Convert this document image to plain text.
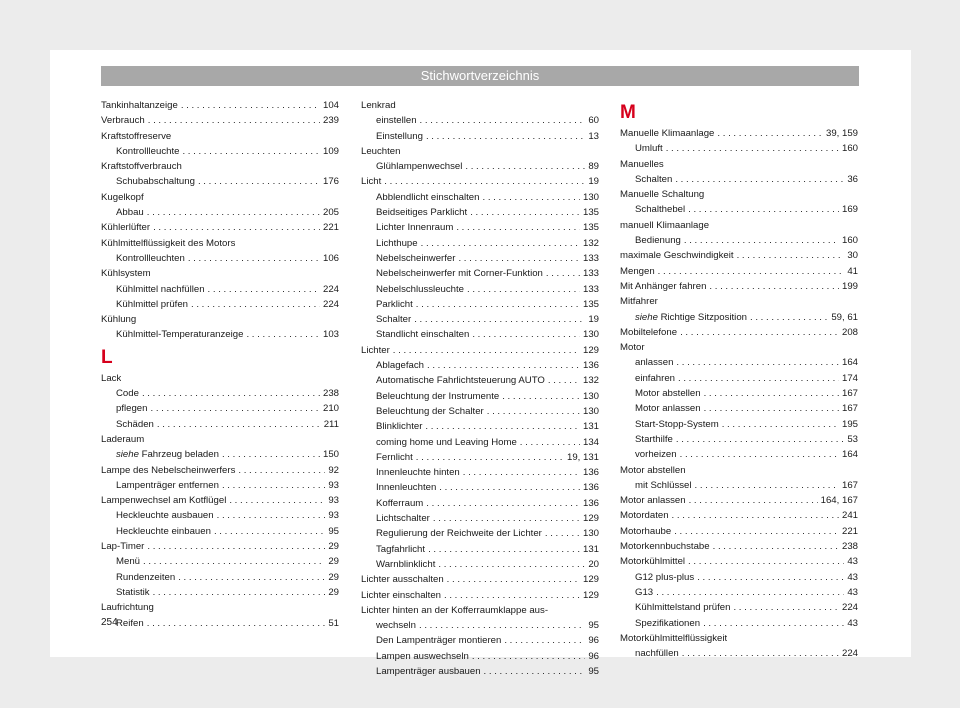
Stichwortverzeichnis
Tankinhaltanzeige . . .	104
Verbrauch . . .	239
Kraftstoffreserve
Kontrollleuchte . . .	109
Kraftstoffverbrauch
Schubabschaltung . . .	176
Kugelkopf
Abbau . . .	205
Kühlerlüfter . . .	221
Kühlmittelflüssigkeit des Motors
Kontrollleuchten . . .	106
Kühlsystem
Kühlmittel nachfüllen . . .	224
Kühlmittel prüfen . . .	224
Kühlung
Kühlmittel-Temperaturanzeige . . .	103
L
Lack
Code . . .	238
pflegen . . .	210
Schäden . . .	211
Laderaum
siehe Fahrzeug beladen . . .	150
Lampe des Nebelscheinwerfers . . .	92
Lampenträger entfernen . . .	93
Lampenwechsel am Kotflügel . . .	93
Heckleuchte ausbauen . . .	93
Heckleuchte einbauen . . .	95
Lap-Timer . . .	29
Menü . . .	29
Rundenzeiten . . .	29
Statistik . . .	29
Laufrichtung
Reifen . . .	51
Lenkrad
einstellen . . .	60
Einstellung . . .	13
Leuchten
Glühlampenwechsel . . .	89
Licht . . .	19
Abblendlicht einschalten . . .	130
Beidseitiges Parklicht . . .	135
Lichter Innenraum . . .	135
Lichthupe . . .	132
Nebelscheinwerfer . . .	133
Nebelscheinwerfer mit Corner-Funktion . . .	133
Nebelschlussleuchte . . .	133
Parklicht . . .	135
Schalter . . .	19
Standlicht einschalten . . .	130
Lichter . . .	129
Ablagefach . . .	136
Automatische Fahrlichtsteuerung AUTO . . .	132
Beleuchtung der Instrumente . . .	130
Beleuchtung der Schalter . . .	130
Blinklichter . . .	131
coming home und Leaving Home . . .	134
Fernlicht . . .	19, 131
Innenleuchte hinten . . .	136
Innenleuchten . . .	136
Kofferraum . . .	136
Lichtschalter . . .	129
Regulierung der Reichweite der Lichter . . .	130
Tagfahrlicht . . .	131
Warnblinklicht . . .	20
Lichter ausschalten . . .	129
Lichter einschalten . . .	129
Lichter hinten an der Kofferraumklappe aus-
wechseln . . .	95
Den Lampenträger montieren . . .	96
Lampen auswechseln . . .	96
Lampenträger ausbauen . . .	95
M
Manuelle Klimaanlage . . .	39, 159
Umluft . . .	160
Manuelles
Schalten . . .	36
Manuelle Schaltung
Schalthebel . . .	169
manuell Klimaanlage
Bedienung . . .	160
maximale Geschwindigkeit . . .	30
Mengen . . .	41
Mit Anhänger fahren . . .	199
Mitfahrer
siehe Richtige Sitzposition . . .	59, 61
Mobiltelefone . . .	208
Motor
anlassen . . .	164
einfahren . . .	174
Motor abstellen . . .	167
Motor anlassen . . .	167
Start-Stopp-System . . .	195
Starthilfe . . .	53
vorheizen . . .	164
Motor abstellen
mit Schlüssel . . .	167
Motor anlassen . . .	164, 167
Motordaten . . .	241
Motorhaube . . .	221
Motorkennbuchstabe . . .	238
Motorkühlmittel . . .	43
G12 plus-plus . . .	43
G13 . . .	43
Kühlmittelstand prüfen . . .	224
Spezifikationen . . .	43
Motorkühlmittelflüssigkeit
nachfüllen . . .	224
254
